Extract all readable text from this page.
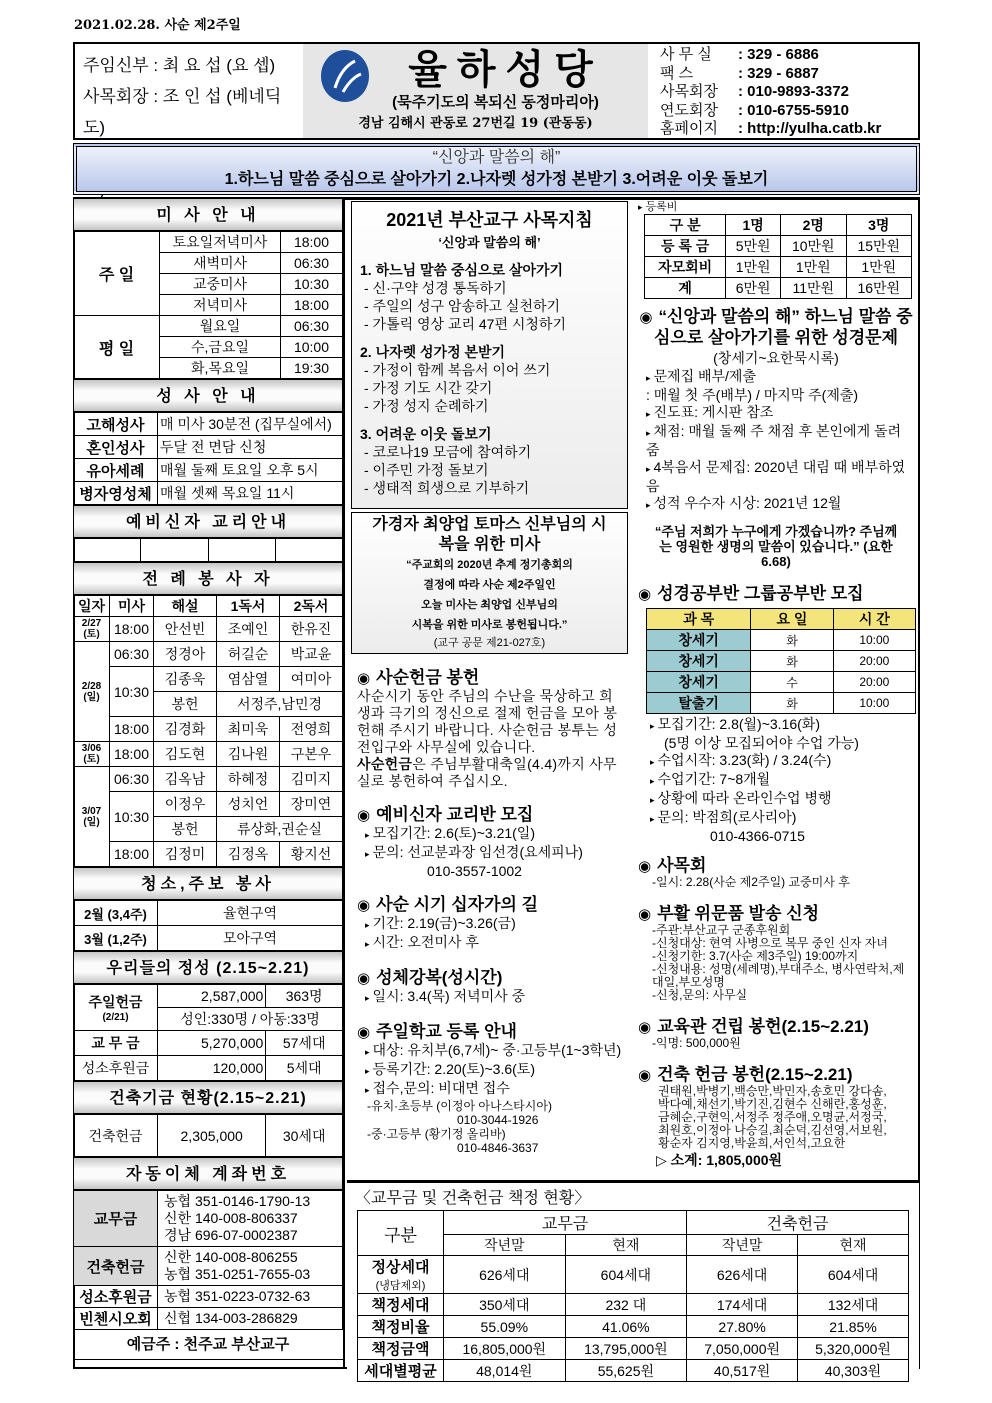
2021.02.28. 사순 제2주일
주임신부 : 최 요 섭 (요 셉)
사목회장 : 조 인 섭 (베네딕도)
율하성당
(묵주기도의 복되신 동정마리아)
경남 김해시 관동로 27번길 19 (관동동)
사 무 실 : 329 - 6886
팩 스	: 329 - 6887
사목회장 : 010-9893-3372
연도회장 : 010-6755-5910
홈페이지 : http://yulha.catb.kr
“신앙과 말씀의 해”
1.하느님 말씀 중심으로 살아가기 2.나자렛 성가정 본받기 3.어려운 이웃 돌보기
미 사 안 내
주 일	토요일저녁미사	18:00
	새벽미사	06:30
	교중미사	10:30
	저녁미사	18:00
평 일	월요일	06:30
	수,금요일	10:00
	화,목요일	19:30
성 사 안 내
고해성사	매 미사 30분전 (집무실에서)
혼인성사	두달 전 면담 신청
유아세례	매월 둘째 토요일 오후 5시
병자영성체	매월 셋째 목요일 11시
예비신자 교리안내

전 례 봉 사 자
일자	미사	해설	1독서	2독서
2/27 (토)	18:00	안선빈	조예인	한유진
2/28 (일)	06:30	정경아	허길순	박교윤
	10:30	김종욱	염삼열	여미아
		봉헌	서정주,남민경	
	18:00	김경화	최미욱	전영희
3/06 (토)	18:00	김도현	김나원	구본우
3/07 (일)	06:30	김옥남	하혜정	김미지
	10:30	이정우	성치언	장미연
		봉헌	류상화,권순실	
	18:00	김정미	김정옥	황지선
청소,주보 봉사
2월 (3,4주)	율현구역
3월 (1,2주)	모아구역
우리들의 정성 (2.15~2.21)
주일헌금
(2/21)	2,587,000	363명
	성인:330명 / 아동:33명	
교 무 금	5,270,000	57세대
성소후원금	120,000	5세대
건축기금 현황(2.15~2.21)
건축헌금	2,305,000	30세대
자동이체 계좌번호
교무금	농협 351-0146-1790-13
신한 140-008-806337
경남 696-07-0002387

건축헌금	신한 140-008-806255
농협 351-0251-7655-03

성소후원금	농협 351-0223-0732-63

빈첸시오회	신협 134-003-286829
예금주 : 천주교 부산교구
2021년 부산교구 사목지침
‘신앙과 말씀의 해’
1. 하느님 말씀 중심으로 살아가기
- 신·구약 성경 통독하기
- 주일의 성구 암송하고 실천하기
- 가톨릭 영상 교리 47편 시청하기
2. 나자렛 성가정 본받기
- 가정이 함께 복음서 이어 쓰기
- 가정 기도 시간 갖기
- 가정 성지 순례하기
3. 어려운 이웃 돌보기
- 코로나19 모금에 참여하기
- 이주민 가정 돌보기
- 생태적 희생으로 기부하기
가경자 최양업 토마스 신부님의 시복을 위한 미사
“주교회의 2020년 추계 정기총회의
결정에 따라 사순 제2주일인
오늘 미사는 최양업 신부님의
시복을 위한 미사로 봉헌됩니다.”
(교구 공문 제21-027호)
◉ 사순헌금 봉헌
사순시기 동안 주님의 수난을 묵상하고 희생과 극기의 정신으로 절제 헌금을 모아 봉헌해 주시기 바랍니다. 사순헌금 봉투는 성전입구와 사무실에 있습니다.
사순헌금은 주님부활대축일(4.4)까지 사무실로 봉헌하여 주십시오.
◉ 예비신자 교리반 모집
▸ 모집기간: 2.6(토)~3.21(일)
▸ 문의: 선교분과장 임선경(요세피나)
010-3557-1002
◉ 사순 시기 십자가의 길
▸ 기간: 2.19(금)~3.26(금)
▸ 시간: 오전미사 후
◉ 성체강복(성시간)
▸ 일시: 3.4(목) 저녁미사 중
◉ 주일학교 등록 안내
▸ 대상: 유치부(6,7세)~ 중·고등부(1~3학년)
▸ 등록기간: 2.20(토)~3.6(토)
▸ 접수,문의: 비대면 접수
-유치·초등부 (이정아 아나스타시아)
010-3044-1926
-중·고등부 (황기정 올리바)
010-4846-3637
▸ 등록비
구 분	1명	2명	3명
등 록 금	5만원	10만원	15만원
자모회비	1만원	1만원	1만원
계	6만원	11만원	16만원
◉ “신앙과 말씀의 해” 하느님 말씀 중심으로 살아가기를 위한 성경문제
(창세기~요한묵시록)
▸ 문제집 배부/제출
: 매월 첫 주(배부) / 마지막 주(제출)
▸ 진도표: 게시판 참조
▸ 채점: 매월 둘째 주 채점 후 본인에게 돌려줌
▸ 4복음서 문제집: 2020년 대림 때 배부하였음
▸ 성적 우수자 시상: 2021년 12월
“주님 저희가 누구에게 가겠습니까? 주님께는 영원한 생명의 말씀이 있습니다.” (요한6.68)
◉ 성경공부반 그룹공부반 모집
과 목	요 일	시 간
창세기	화	10:00
창세기	화	20:00
창세기	수	20:00
탈출기	화	10:00
▸ 모집기간: 2.8(월)~3.16(화)
(5명 이상 모집되어야 수업 가능)
▸ 수업시작: 3.23(화) / 3.24(수)
▸ 수업기간: 7~8개월
▸ 상황에 따라 온라인수업 병행
▸ 문의: 박점희(로사리아)
010-4366-0715
◉ 사목회
-일시: 2.28(사순 제2주일) 교중미사 후
◉ 부활 위문품 발송 신청
-주관:부산교구 군종후원회
-신청대상: 현역 사병으로 복무 중인 신자 자녀
-신청기한: 3.7(사순 제3주일) 19:00까지
-신청내용: 성명(세례명),부대주소, 병사연락처,제대일,부모성명
-신청,문의: 사무실
◉ 교육관 건립 봉헌(2.15~2.21)
-익명: 500,000원
◉ 건축 헌금 봉헌(2.15~2.21)
권태원,박병기,백승만,박민자,송호민 강다솜,박다예,채선기,박기진,김현수 신해란,홍성훈,금혜순,구현익,서정주 정주애,오명균,서정국,최원호,이정아 나승길,최순덕,김선영,서보원,황순자 김지영,박윤희,서인석,고요한
▷ 소계: 1,805,000원
〈교무금 및 건축헌금 책정 현황〉
구분	교무금		건축헌금	
	작년말	현재	작년말	현재

정상세대
(냉담제외)	626세대	604세대	626세대	604세대

책정세대	350세대	232 대	174세대	132세대

책정비율	55.09%	41.06%	27.80%	21.85%

책정금액	16,805,000원	13,795,000원	7,050,000원	5,320,000원

세대별평균	48,014원	55,625원	40,517원	40,303원
